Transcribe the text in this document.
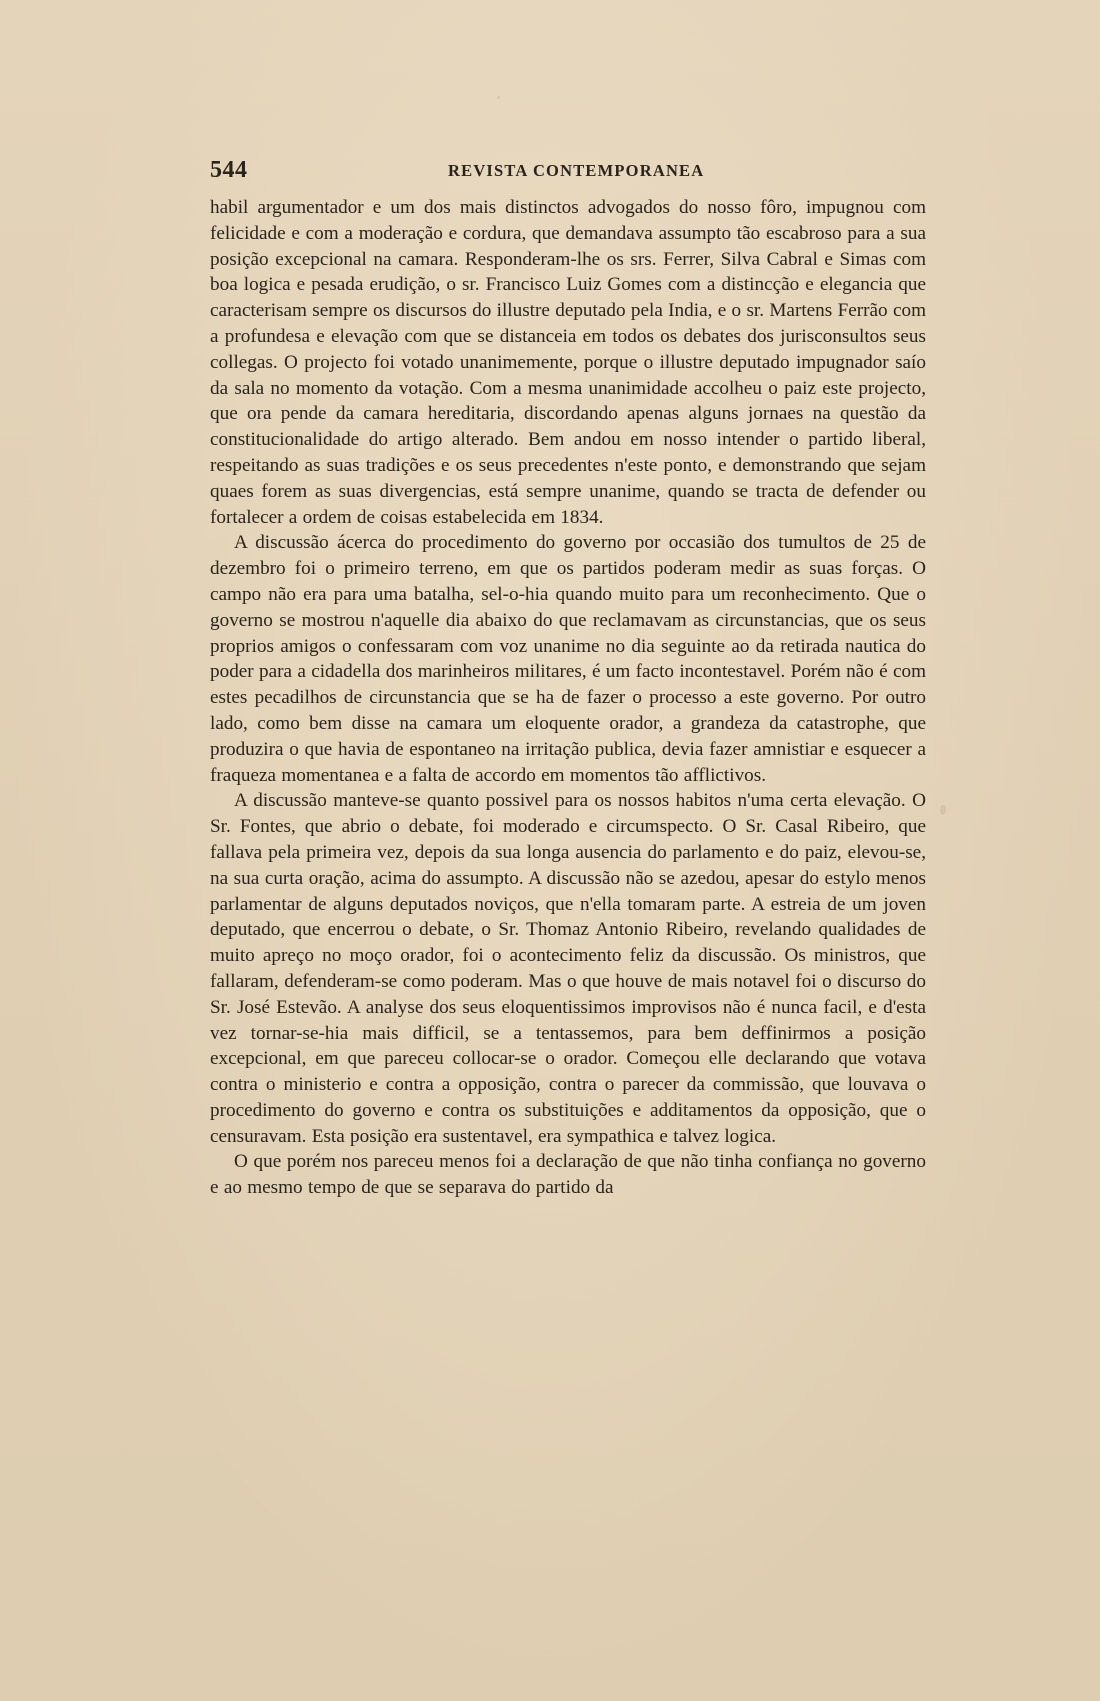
544	REVISTA CONTEMPORANEA

habil argumentador e um dos mais distinctos advogados do nosso fôro, impugnou com felicidade e com a moderação e cordura, que demandava assumpto tão escabroso para a sua posição excepcional na camara. Responderam-lhe os srs. Ferrer, Silva Cabral e Simas com boa logica e pesada erudição, o sr. Francisco Luiz Gomes com a distincção e elegancia que caracterisam sempre os discursos do illustre deputado pela India, e o sr. Martens Ferrão com a profundesa e elevação com que se distanceia em todos os debates dos jurisconsultos seus collegas. O projecto foi votado unanimemente, porque o illustre deputado impugnador saío da sala no momento da votação. Com a mesma unanimidade accolheu o paiz este projecto, que ora pende da camara hereditaria, discordando apenas alguns jornaes na questão da constitucionalidade do artigo alterado. Bem andou em nosso intender o partido liberal, respeitando as suas tradições e os seus precedentes n'este ponto, e demonstrando que sejam quaes forem as suas divergencias, está sempre unanime, quando se tracta de defender ou fortalecer a ordem de coisas estabelecida em 1834.

A discussão ácerca do procedimento do governo por occasião dos tumultos de 25 de dezembro foi o primeiro terreno, em que os partidos poderam medir as suas forças. O campo não era para uma batalha, sel-o-hia quando muito para um reconhecimento. Que o governo se mostrou n'aquelle dia abaixo do que reclamavam as circunstancias, que os seus proprios amigos o confessaram com voz unanime no dia seguinte ao da retirada nautica do poder para a cidadella dos marinheiros militares, é um facto incontestavel. Porém não é com estes pecadilhos de circunstancia que se ha de fazer o processo a este governo. Por outro lado, como bem disse na camara um eloquente orador, a grandeza da catastrophe, que produzira o que havia de espontaneo na irritação publica, devia fazer amnistiar e esquecer a fraqueza momentanea e a falta de accordo em momentos tão afflictivos.

A discussão manteve-se quanto possivel para os nossos habitos n'uma certa elevação. O Sr. Fontes, que abrio o debate, foi moderado e circumspecto. O Sr. Casal Ribeiro, que fallava pela primeira vez, depois da sua longa ausencia do parlamento e do paiz, elevou-se, na sua curta oração, acima do assumpto. A discussão não se azedou, apesar do estylo menos parlamentar de alguns deputados noviços, que n'ella tomaram parte. A estreia de um joven deputado, que encerrou o debate, o Sr. Thomaz Antonio Ribeiro, revelando qualidades de muito apreço no moço orador, foi o acontecimento feliz da discussão. Os ministros, que fallaram, defenderam-se como poderam. Mas o que houve de mais notavel foi o discurso do Sr. José Estevão. A analyse dos seus eloquentissimos improvisos não é nunca facil, e d'esta vez tornar-se-hia mais difficil, se a tentassemos, para bem deffinirmos a posição excepcional, em que pareceu collocar-se o orador. Começou elle declarando que votava contra o ministerio e contra a opposição, contra o parecer da commissão, que louvava o procedimento do governo e contra os substituições e additamentos da opposição, que o censuravam. Esta posição era sustentavel, era sympathica e talvez logica.

O que porém nos pareceu menos foi a declaração de que não tinha confiança no governo e ao mesmo tempo de que se separava do partido da
